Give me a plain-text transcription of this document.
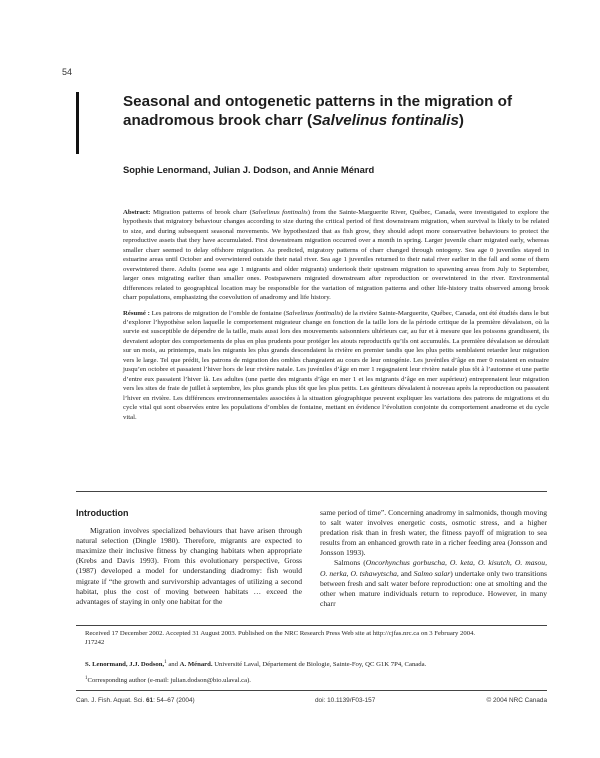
54
Seasonal and ontogenetic patterns in the migration of anadromous brook charr (Salvelinus fontinalis)
Sophie Lenormand, Julian J. Dodson, and Annie Ménard

Abstract: Migration patterns of brook charr (Salvelinus fontinalis) from the Sainte-Marguerite River, Québec, Canada, were investigated to explore the hypothesis that migratory behaviour changes according to size during the critical period of first downstream migration, when survival is likely to be related to size, and during subsequent seasonal movements. We hypothesized that as fish grow, they should adopt more conservative behaviours to protect the reproductive assets that they have accumulated. First downstream migration occurred over a month in spring. Larger juvenile charr migrated early, whereas smaller charr seemed to delay offshore migration. As predicted, migratory patterns of charr changed through ontogeny. Sea age 0 juveniles stayed in estuarine areas until October and overwintered outside their natal river. Sea age 1 juveniles returned to their natal river earlier in the fall and some of them overwintered there. Adults (some sea age 1 migrants and older migrants) undertook their upstream migration to spawning areas from July to September, larger ones migrating earlier than smaller ones. Postspawners migrated downstream after reproduction or overwintered in the river. Environmental differences related to geographical location may be responsible for the variation of migration patterns and other life-history traits observed among brook charr populations, emphasizing the coevolution of anadromy and life history.

Résumé : Les patrons de migration de l’omble de fontaine (Salvelinus fontinalis) de la rivière Sainte-Marguerite, Québec, Canada, ont été étudiés dans le but d’explorer l’hypothèse selon laquelle le comportement migrateur change en fonction de la taille lors de la période critique de la première dévalaison, où la survie est susceptible de dépendre de la taille, mais aussi lors des mouvements saisonniers ultérieurs car, au fur et à mesure que les poissons grandissent, ils devraient adopter des comportements de plus en plus prudents pour protéger les atouts reproductifs qu’ils ont accumulés. La première dévalaison se déroulait sur un mois, au printemps, mais les migrants les plus grands descendaient la rivière en premier tandis que les plus petits semblaient retarder leur migration vers le large. Tel que prédit, les patrons de migration des ombles changeaient au cours de leur ontogénie. Les juvéniles d’âge en mer 0 restaient en estuaire jusqu’en octobre et passaient l’hiver hors de leur rivière natale. Les juvéniles d’âge en mer 1 regagnaient leur rivière natale plus tôt à l’automne et une partie d’entre eux passaient l’hiver là. Les adultes (une partie des migrants d’âge en mer 1 et les migrants d’âge en mer supérieur) entreprenaient leur migration vers les sites de fraie de juillet à septembre, les plus grands plus tôt que les plus petits. Les géniteurs dévalaient à nouveau après la reproduction ou passaient l’hiver en rivière. Les différences environnementales associées à la situation géographique peuvent expliquer les variations des patrons de migrations et du cycle vital qui sont observées entre les populations d’ombles de fontaine, mettant en évidence l’évolution conjointe du comportement anadrome et du cycle vital.

Introduction

Migration involves specialized behaviours that have arisen through natural selection (Dingle 1980). Therefore, migrants are expected to maximize their inclusive fitness by changing habitats when appropriate (Krebs and Davis 1993). From this evolutionary perspective, Gross (1987) developed a model for understanding diadromy: fish would migrate if “the growth and survivorship advantages of utilizing a second habitat, plus the cost of moving between habitats … exceed the advantages of staying in only one habitat for the

same period of time”. Concerning anadromy in salmonids, though moving to salt water involves energetic costs, osmotic stress, and a higher predation risk than in fresh water, the fitness payoff of migration to sea results from an enhanced growth rate in a richer feeding area (Jonsson and Jonsson 1993).

Salmons (Oncorhynchus gorbuscha, O. keta, O. kisutch, O. masou, O. nerka, O. tshawytscha, and Salmo salar) undertake only two transitions between fresh and salt water before reproduction: one at smolting and the other when mature individuals return to reproduce. However, in many charr

Received 17 December 2002. Accepted 31 August 2003. Published on the NRC Research Press Web site at http://cjfas.nrc.ca on 3 February 2004.
J17242
S. Lenormand, J.J. Dodson,$^1$ and A. Ménard. Université Laval, Département de Biologie, Sainte-Foy, QC G1K 7P4, Canada.
$^1$Corresponding author (e-mail: julian.dodson@bio.ulaval.ca).
Can. J. Fish. Aquat. Sci. 61: 54–67 (2004)	doi: 10.1139/F03-157	© 2004 NRC Canada
